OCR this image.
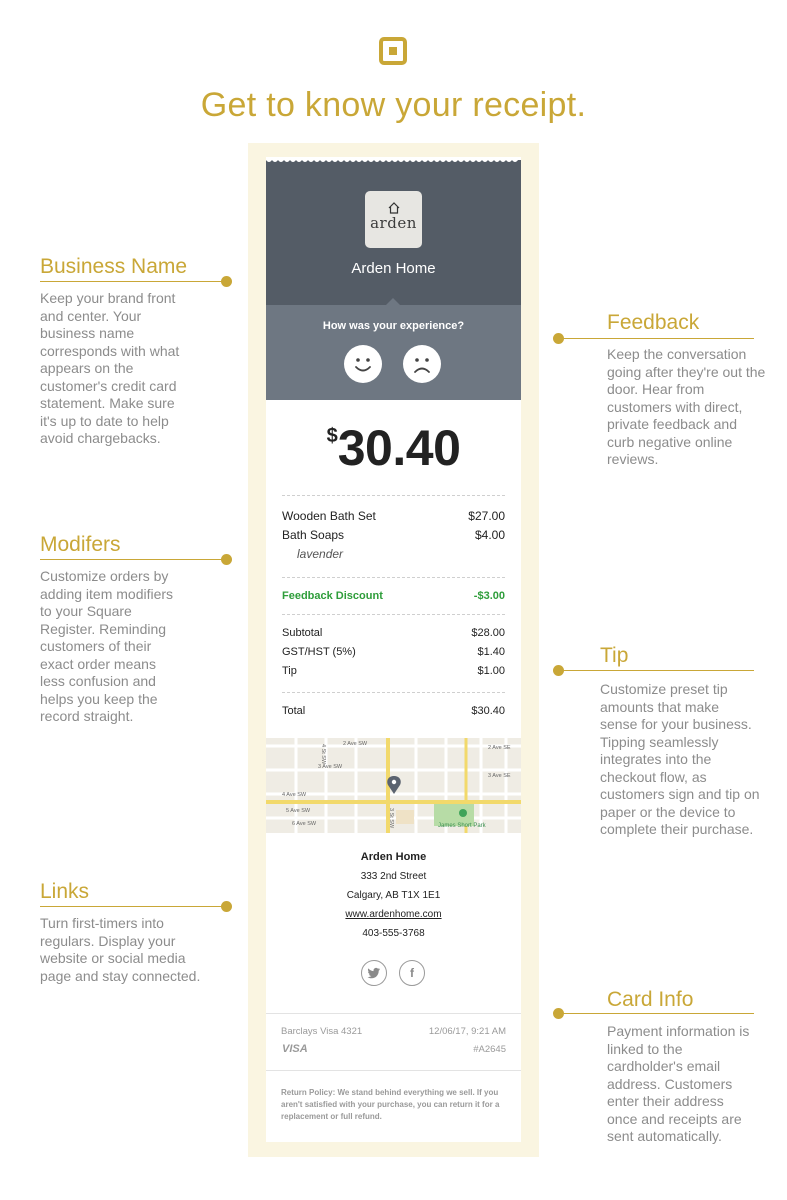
Get to know your receipt.
arden
Arden Home
How was your experience?
$30.40
Wooden Bath Set	$27.00
Bath Soaps	$4.00
lavender
Feedback Discount	-$3.00
Subtotal	$28.00
GST/HST (5%)	$1.40
Tip	$1.00
Total	$30.40
2 Ave SW
2 Ave SE
3 Ave SW
3 Ave SE
4 Ave SW
5 Ave SW
6 Ave SW
4 St SW
3 St SW	James Short Park
Arden Home
333 2nd Street
Calgary, AB T1X 1E1
www.ardenhome.com
403-555-3768
f
Barclays Visa 4321	12/06/17, 9:21 AM
VISA	#A2645
Return Policy: We stand behind everything we sell. If you aren't satisfied with your purchase, you can return it for a replacement or full refund.
Business Name
Keep your brand front and center. Your business name corresponds with what appears on the customer's credit card statement. Make sure it's up to date to help avoid chargebacks.
Modifers
Customize orders by adding item modifiers to your Square Register. Reminding customers of their exact order means less confusion and helps you keep the record straight.
Links
Turn first-timers into regulars. Display your website or social media page and stay connected.
Feedback
Keep the conversation going after they're out the door. Hear from customers with direct, private feedback and curb negative online reviews.
Tip
Customize preset tip amounts that make sense for your business. Tipping seamlessly integrates into the checkout flow, as customers sign and tip on paper or the device to complete their purchase.
Card Info
Payment information is linked to the cardholder's email address. Customers enter their address once and receipts are sent automatically.
